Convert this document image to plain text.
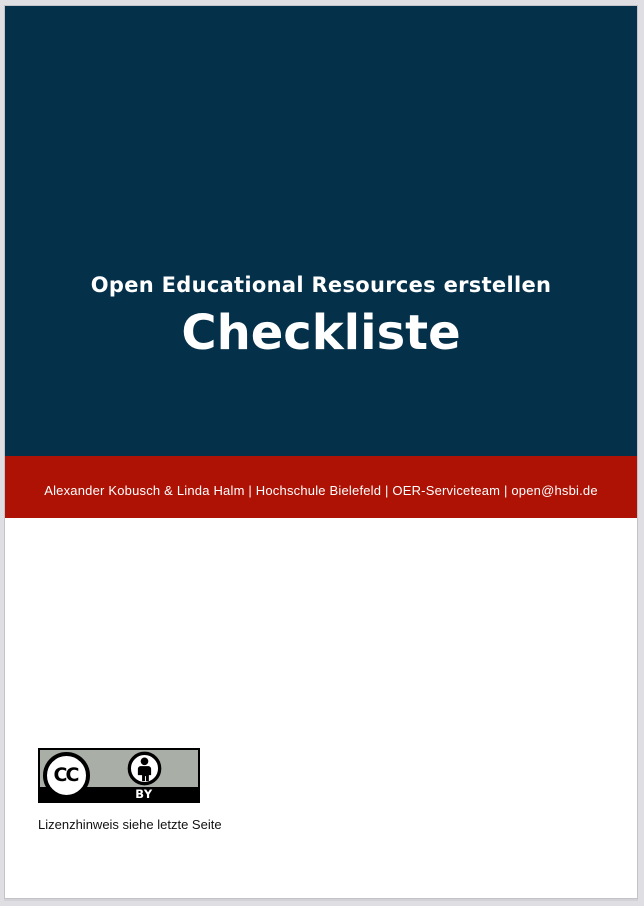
Open Educational Resources erstellen
Checkliste
Alexander Kobusch & Linda Halm | Hochschule Bielefeld | OER-Serviceteam | open@hsbi.de
BY
CC
Lizenzhinweis siehe letzte Seite
